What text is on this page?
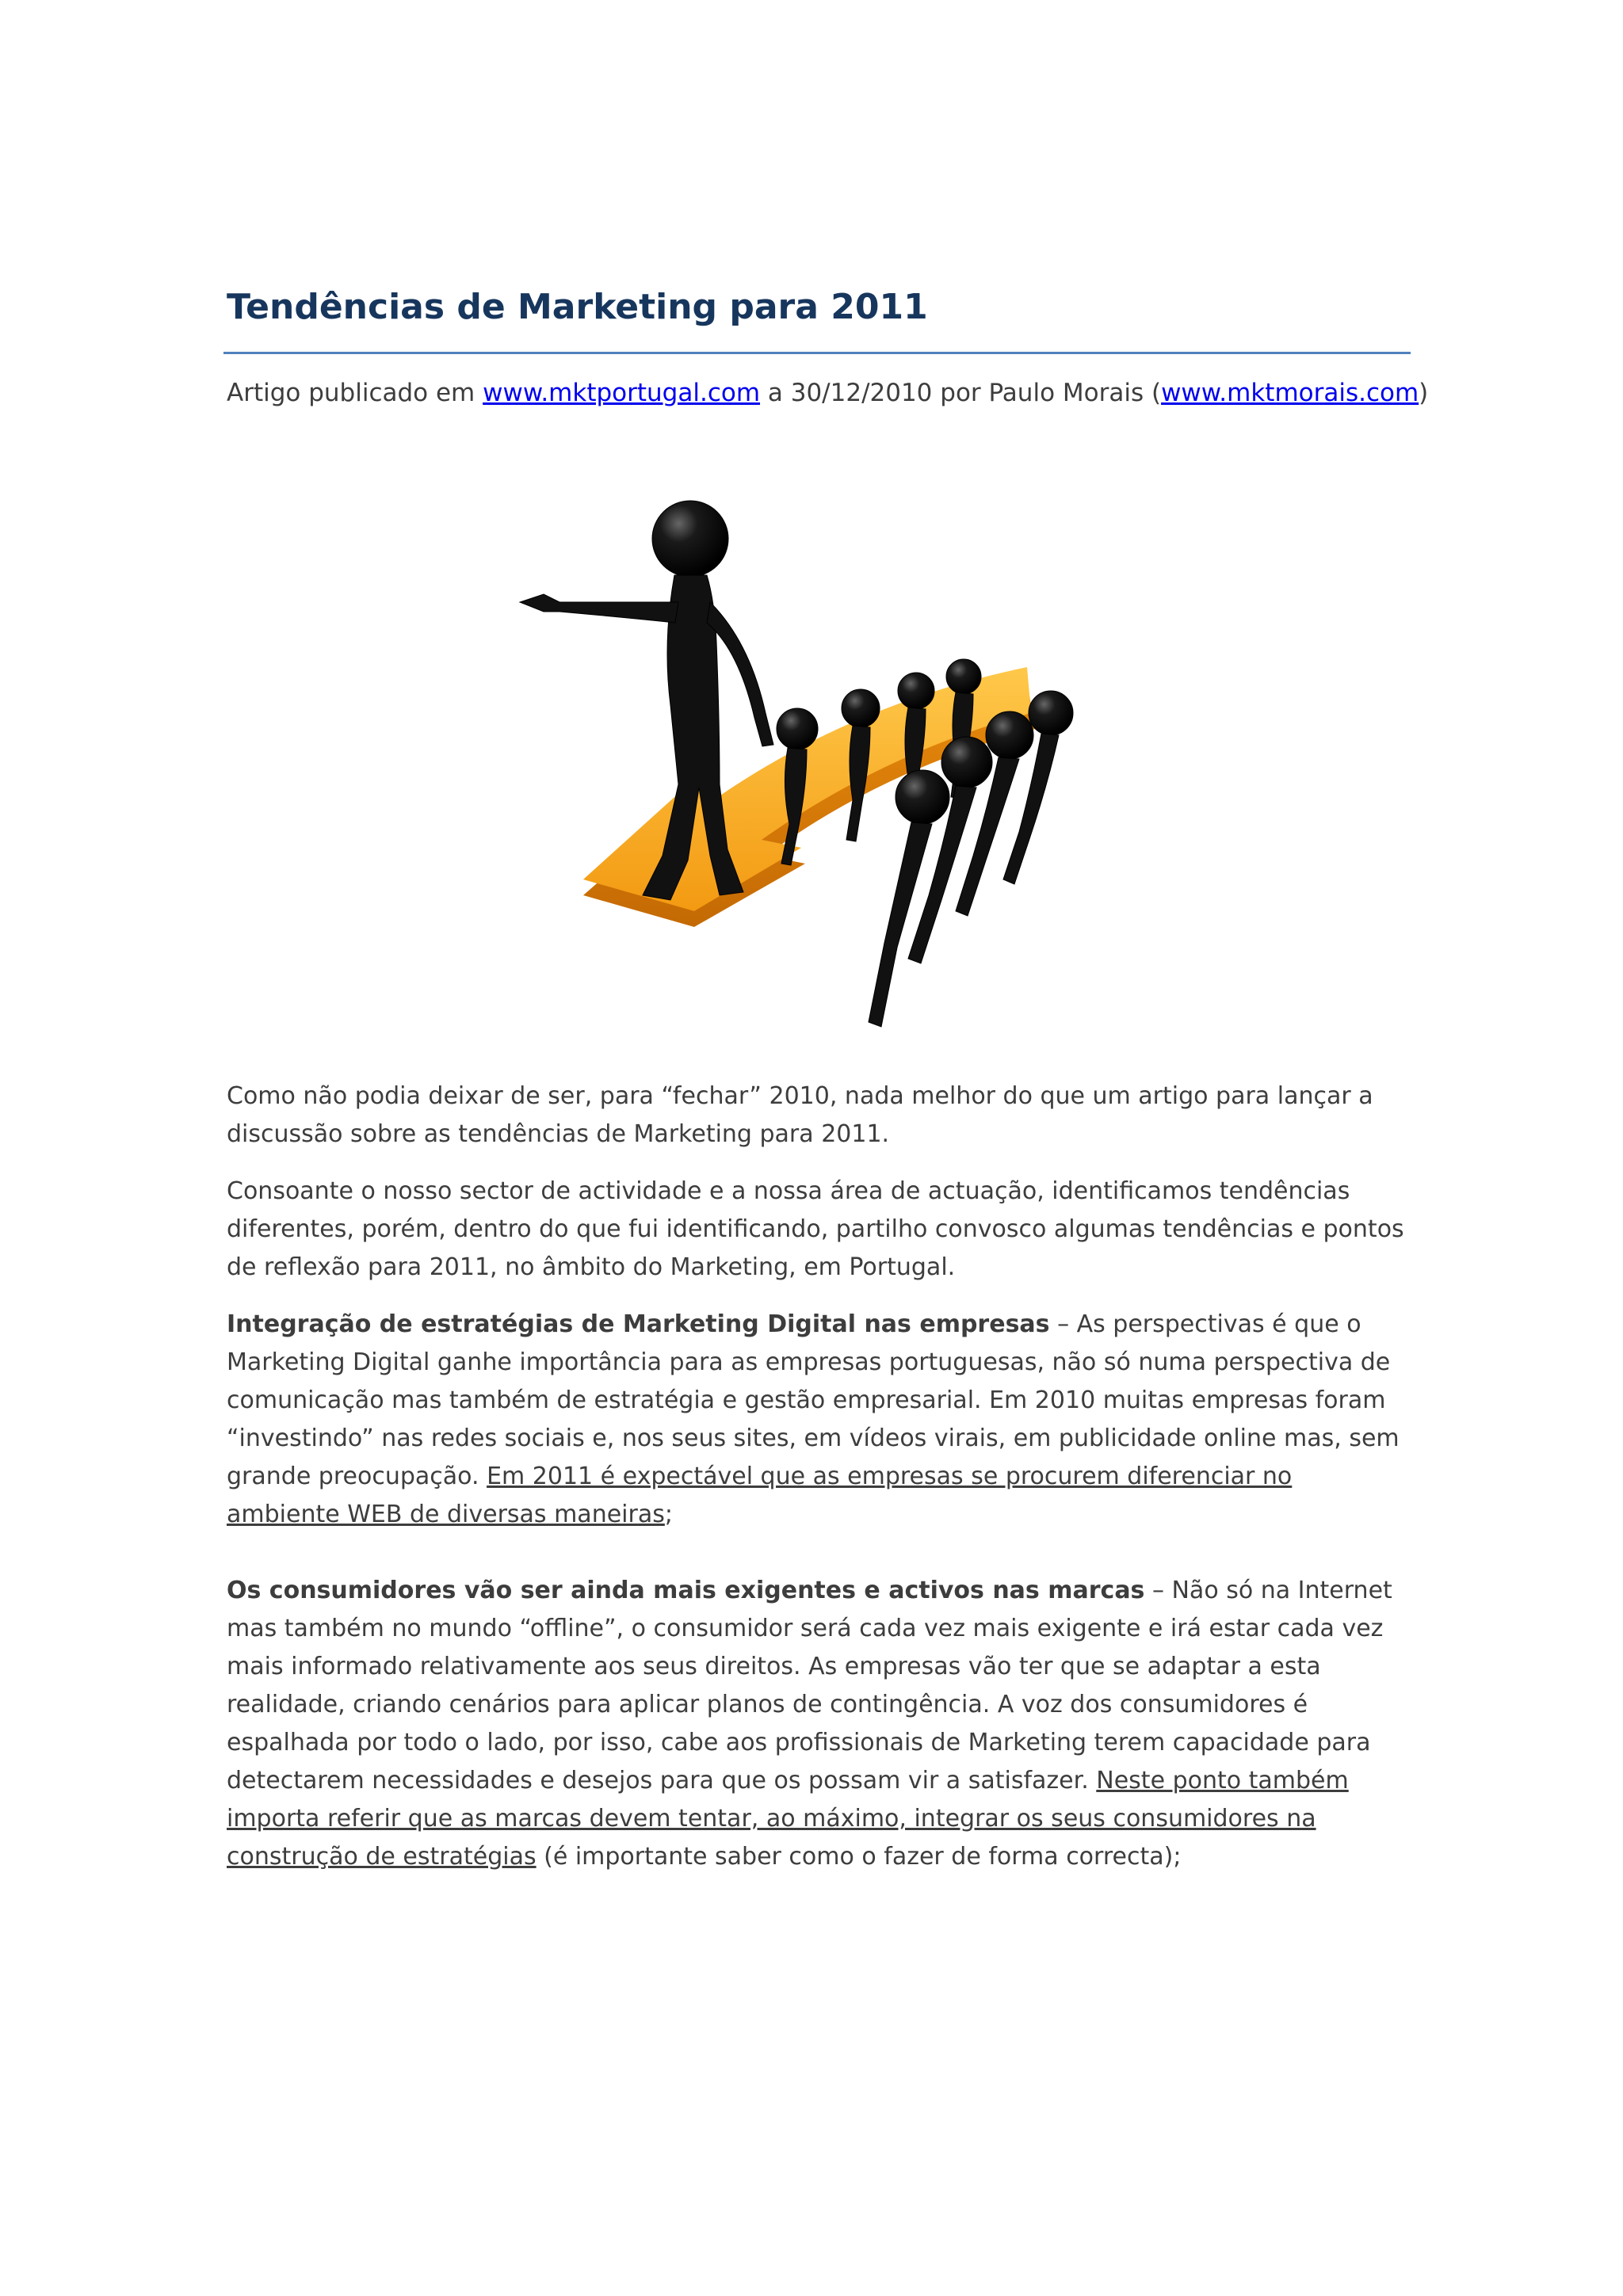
Tendências de Marketing para 2011
Artigo publicado em www.mktportugal.com a 30/12/2010 por Paulo Morais (www.mktmorais.com)

Como não podia deixar de ser, para “fechar” 2010, nada melhor do que um artigo para lançar a discussão sobre as tendências de Marketing para 2011.

Consoante o nosso sector de actividade e a nossa área de actuação, identificamos tendências diferentes, porém, dentro do que fui identificando, partilho convosco algumas tendências e pontos de reflexão para 2011, no âmbito do Marketing, em Portugal.

Integração de estratégias de Marketing Digital nas empresas – As perspectivas é que o Marketing Digital ganhe importância para as empresas portuguesas, não só numa perspectiva de comunicação mas também de estratégia e gestão empresarial. Em 2010 muitas empresas foram “investindo” nas redes sociais e, nos seus sites, em vídeos virais, em publicidade online mas, sem grande preocupação. Em 2011 é expectável que as empresas se procurem diferenciar no ambiente WEB de diversas maneiras;

Os consumidores vão ser ainda mais exigentes e activos nas marcas – Não só na Internet mas também no mundo “offline”, o consumidor será cada vez mais exigente e irá estar cada vez mais informado relativamente aos seus direitos. As empresas vão ter que se adaptar a esta realidade, criando cenários para aplicar planos de contingência. A voz dos consumidores é espalhada por todo o lado, por isso, cabe aos profissionais de Marketing terem capacidade para detectarem necessidades e desejos para que os possam vir a satisfazer. Neste ponto também importa referir que as marcas devem tentar, ao máximo, integrar os seus consumidores na construção de estratégias (é importante saber como o fazer de forma correcta);
